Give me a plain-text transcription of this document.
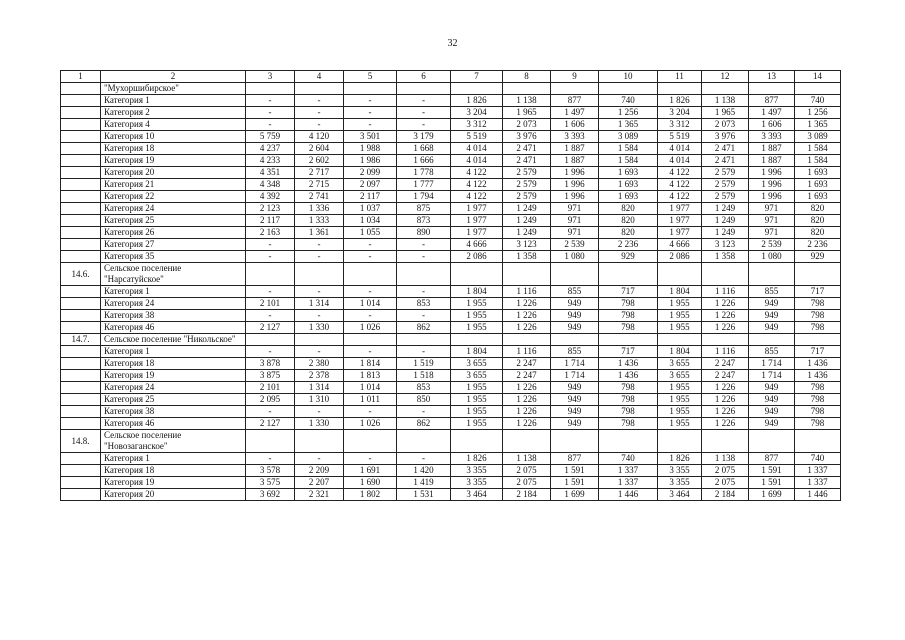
32
1	2	3	4	5	6	7	8	9	10	11	12	13	14
	"Мухоршибирское"												
	Категория 1	-	-	-	-	1 826	1 138	877	740	1 826	1 138	877	740
	Категория 2	-	-	-	-	3 204	1 965	1 497	1 256	3 204	1 965	1 497	1 256
	Категория 4	-	-	-	-	3 312	2 073	1 606	1 365	3 312	2 073	1 606	1 365
	Категория 10	5 759	4 120	3 501	3 179	5 519	3 976	3 393	3 089	5 519	3 976	3 393	3 089
	Категория 18	4 237	2 604	1 988	1 668	4 014	2 471	1 887	1 584	4 014	2 471	1 887	1 584
	Категория 19	4 233	2 602	1 986	1 666	4 014	2 471	1 887	1 584	4 014	2 471	1 887	1 584
	Категория 20	4 351	2 717	2 099	1 778	4 122	2 579	1 996	1 693	4 122	2 579	1 996	1 693
	Категория 21	4 348	2 715	2 097	1 777	4 122	2 579	1 996	1 693	4 122	2 579	1 996	1 693
	Категория 22	4 392	2 741	2 117	1 794	4 122	2 579	1 996	1 693	4 122	2 579	1 996	1 693
	Категория 24	2 123	1 336	1 037	875	1 977	1 249	971	820	1 977	1 249	971	820
	Категория 25	2 117	1 333	1 034	873	1 977	1 249	971	820	1 977	1 249	971	820
	Категория 26	2 163	1 361	1 055	890	1 977	1 249	971	820	1 977	1 249	971	820
	Категория 27	-	-	-	-	4 666	3 123	2 539	2 236	4 666	3 123	2 539	2 236
	Категория 35	-	-	-	-	2 086	1 358	1 080	929	2 086	1 358	1 080	929
14.6.	Сельское поселение "Нарсатуйское"												
	Категория 1	-	-	-	-	1 804	1 116	855	717	1 804	1 116	855	717
	Категория 24	2 101	1 314	1 014	853	1 955	1 226	949	798	1 955	1 226	949	798
	Категория 38	-	-	-	-	1 955	1 226	949	798	1 955	1 226	949	798
	Категория 46	2 127	1 330	1 026	862	1 955	1 226	949	798	1 955	1 226	949	798
14.7.	Сельское поселение "Никольское"												
	Категория 1	-	-	-	-	1 804	1 116	855	717	1 804	1 116	855	717
	Категория 18	3 878	2 380	1 814	1 519	3 655	2 247	1 714	1 436	3 655	2 247	1 714	1 436
	Категория 19	3 875	2 378	1 813	1 518	3 655	2 247	1 714	1 436	3 655	2 247	1 714	1 436
	Категория 24	2 101	1 314	1 014	853	1 955	1 226	949	798	1 955	1 226	949	798
	Категория 25	2 095	1 310	1 011	850	1 955	1 226	949	798	1 955	1 226	949	798
	Категория 38	-	-	-	-	1 955	1 226	949	798	1 955	1 226	949	798
	Категория 46	2 127	1 330	1 026	862	1 955	1 226	949	798	1 955	1 226	949	798
14.8.	Сельское поселение "Новозаганское"												
	Категория 1	-	-	-	-	1 826	1 138	877	740	1 826	1 138	877	740
	Категория 18	3 578	2 209	1 691	1 420	3 355	2 075	1 591	1 337	3 355	2 075	1 591	1 337
	Категория 19	3 575	2 207	1 690	1 419	3 355	2 075	1 591	1 337	3 355	2 075	1 591	1 337
	Категория 20	3 692	2 321	1 802	1 531	3 464	2 184	1 699	1 446	3 464	2 184	1 699	1 446
